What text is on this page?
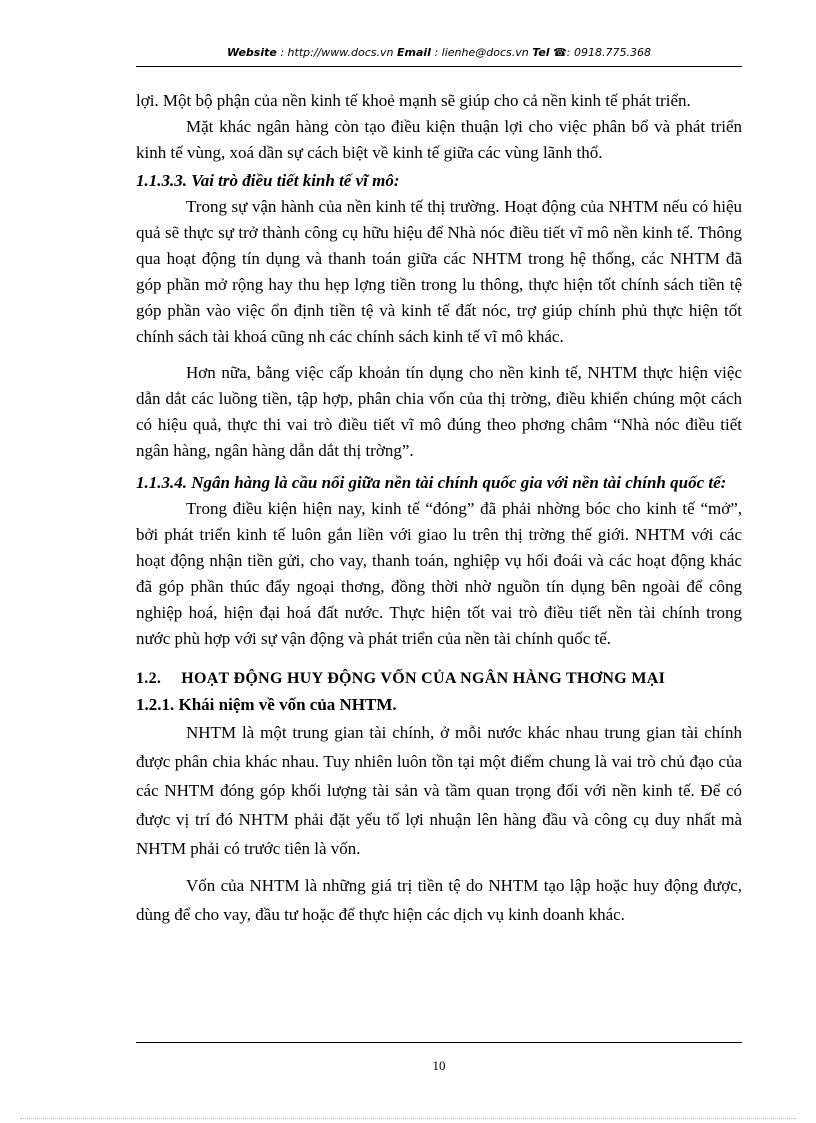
Website : http://www.docs.vn Email : lienhe@docs.vn Tel ☎: 0918.775.368

lợi. Một bộ phận của nền kinh tế khoẻ mạnh sẽ giúp cho cả nền kinh tế phát triển.

Mặt khác ngân hàng còn tạo điều kiện thuận lợi cho việc phân bổ và phát triển kinh tế vùng, xoá dần sự cách biệt về kinh tế giữa các vùng lãnh thổ.

1.1.3.3. Vai trò điều tiết kinh tế vĩ mô:

Trong sự vận hành của nền kinh tế thị trường. Hoạt động của NHTM nếu có hiệu quả sẽ thực sự trở thành công cụ hữu hiệu để Nhà nóc điều tiết vĩ mô nền kinh tế. Thông qua hoạt động tín dụng và thanh toán giữa các NHTM trong hệ thống, các NHTM đã góp phần mở rộng hay thu hẹp lợng tiền trong lu thông, thực hiện tốt chính sách tiền tệ góp phần vào việc ổn định tiền tệ và kinh tế đất nóc, trợ giúp chính phủ thực hiện tốt chính sách tài khoá cũng nh các chính sách kinh tế vĩ mô khác.

Hơn nữa, bằng việc cấp khoản tín dụng cho nền kinh tế, NHTM thực hiện việc dẫn dắt các luồng tiền, tập hợp, phân chia vốn của thị trờng, điều khiển chúng một cách có hiệu quả, thực thi vai trò điều tiết vĩ mô đúng theo phơng châm “Nhà nóc điều tiết ngân hàng, ngân hàng dẫn dắt thị trờng”.

1.1.3.4. Ngân hàng là cầu nối giữa nền tài chính quốc gia với nền tài chính quốc tế:

Trong điều kiện hiện nay, kinh tế “đóng” đã phải nhờng bóc cho kinh tế “mở”, bởi phát triển kinh tế luôn gắn liền với giao lu trên thị trờng thế giới. NHTM với các hoạt động nhận tiền gửi, cho vay, thanh toán, nghiệp vụ hối đoái và các hoạt động khác đã góp phần thúc đẩy ngoại thơng, đồng thời nhờ nguồn tín dụng bên ngoài để công nghiệp hoá, hiện đại hoá đất nước. Thực hiện tốt vai trò điều tiết nền tài chính trong nước phù hợp với sự vận động và phát triển của nền tài chính quốc tế.

1.2. HOẠT ĐỘNG HUY ĐỘNG VỐN CỦA NGÂN HÀNG THƠNG MẠI
1.2.1. Khái niệm về vốn của NHTM.

NHTM là một trung gian tài chính, ở mỗi nước khác nhau trung gian tài chính được phân chia khác nhau. Tuy nhiên luôn tồn tại một điểm chung là vai trò chủ đạo của các NHTM đóng góp khối lượng tài sản và tầm quan trọng đối với nền kinh tế. Để có được vị trí đó NHTM phải đặt yếu tố lợi nhuận lên hàng đầu và công cụ duy nhất mà NHTM phải có trước tiên là vốn.

Vốn của NHTM là những giá trị tiền tệ do NHTM tạo lập hoặc huy động được, dùng để cho vay, đầu tư hoặc để thực hiện các dịch vụ kinh doanh khác.

10
